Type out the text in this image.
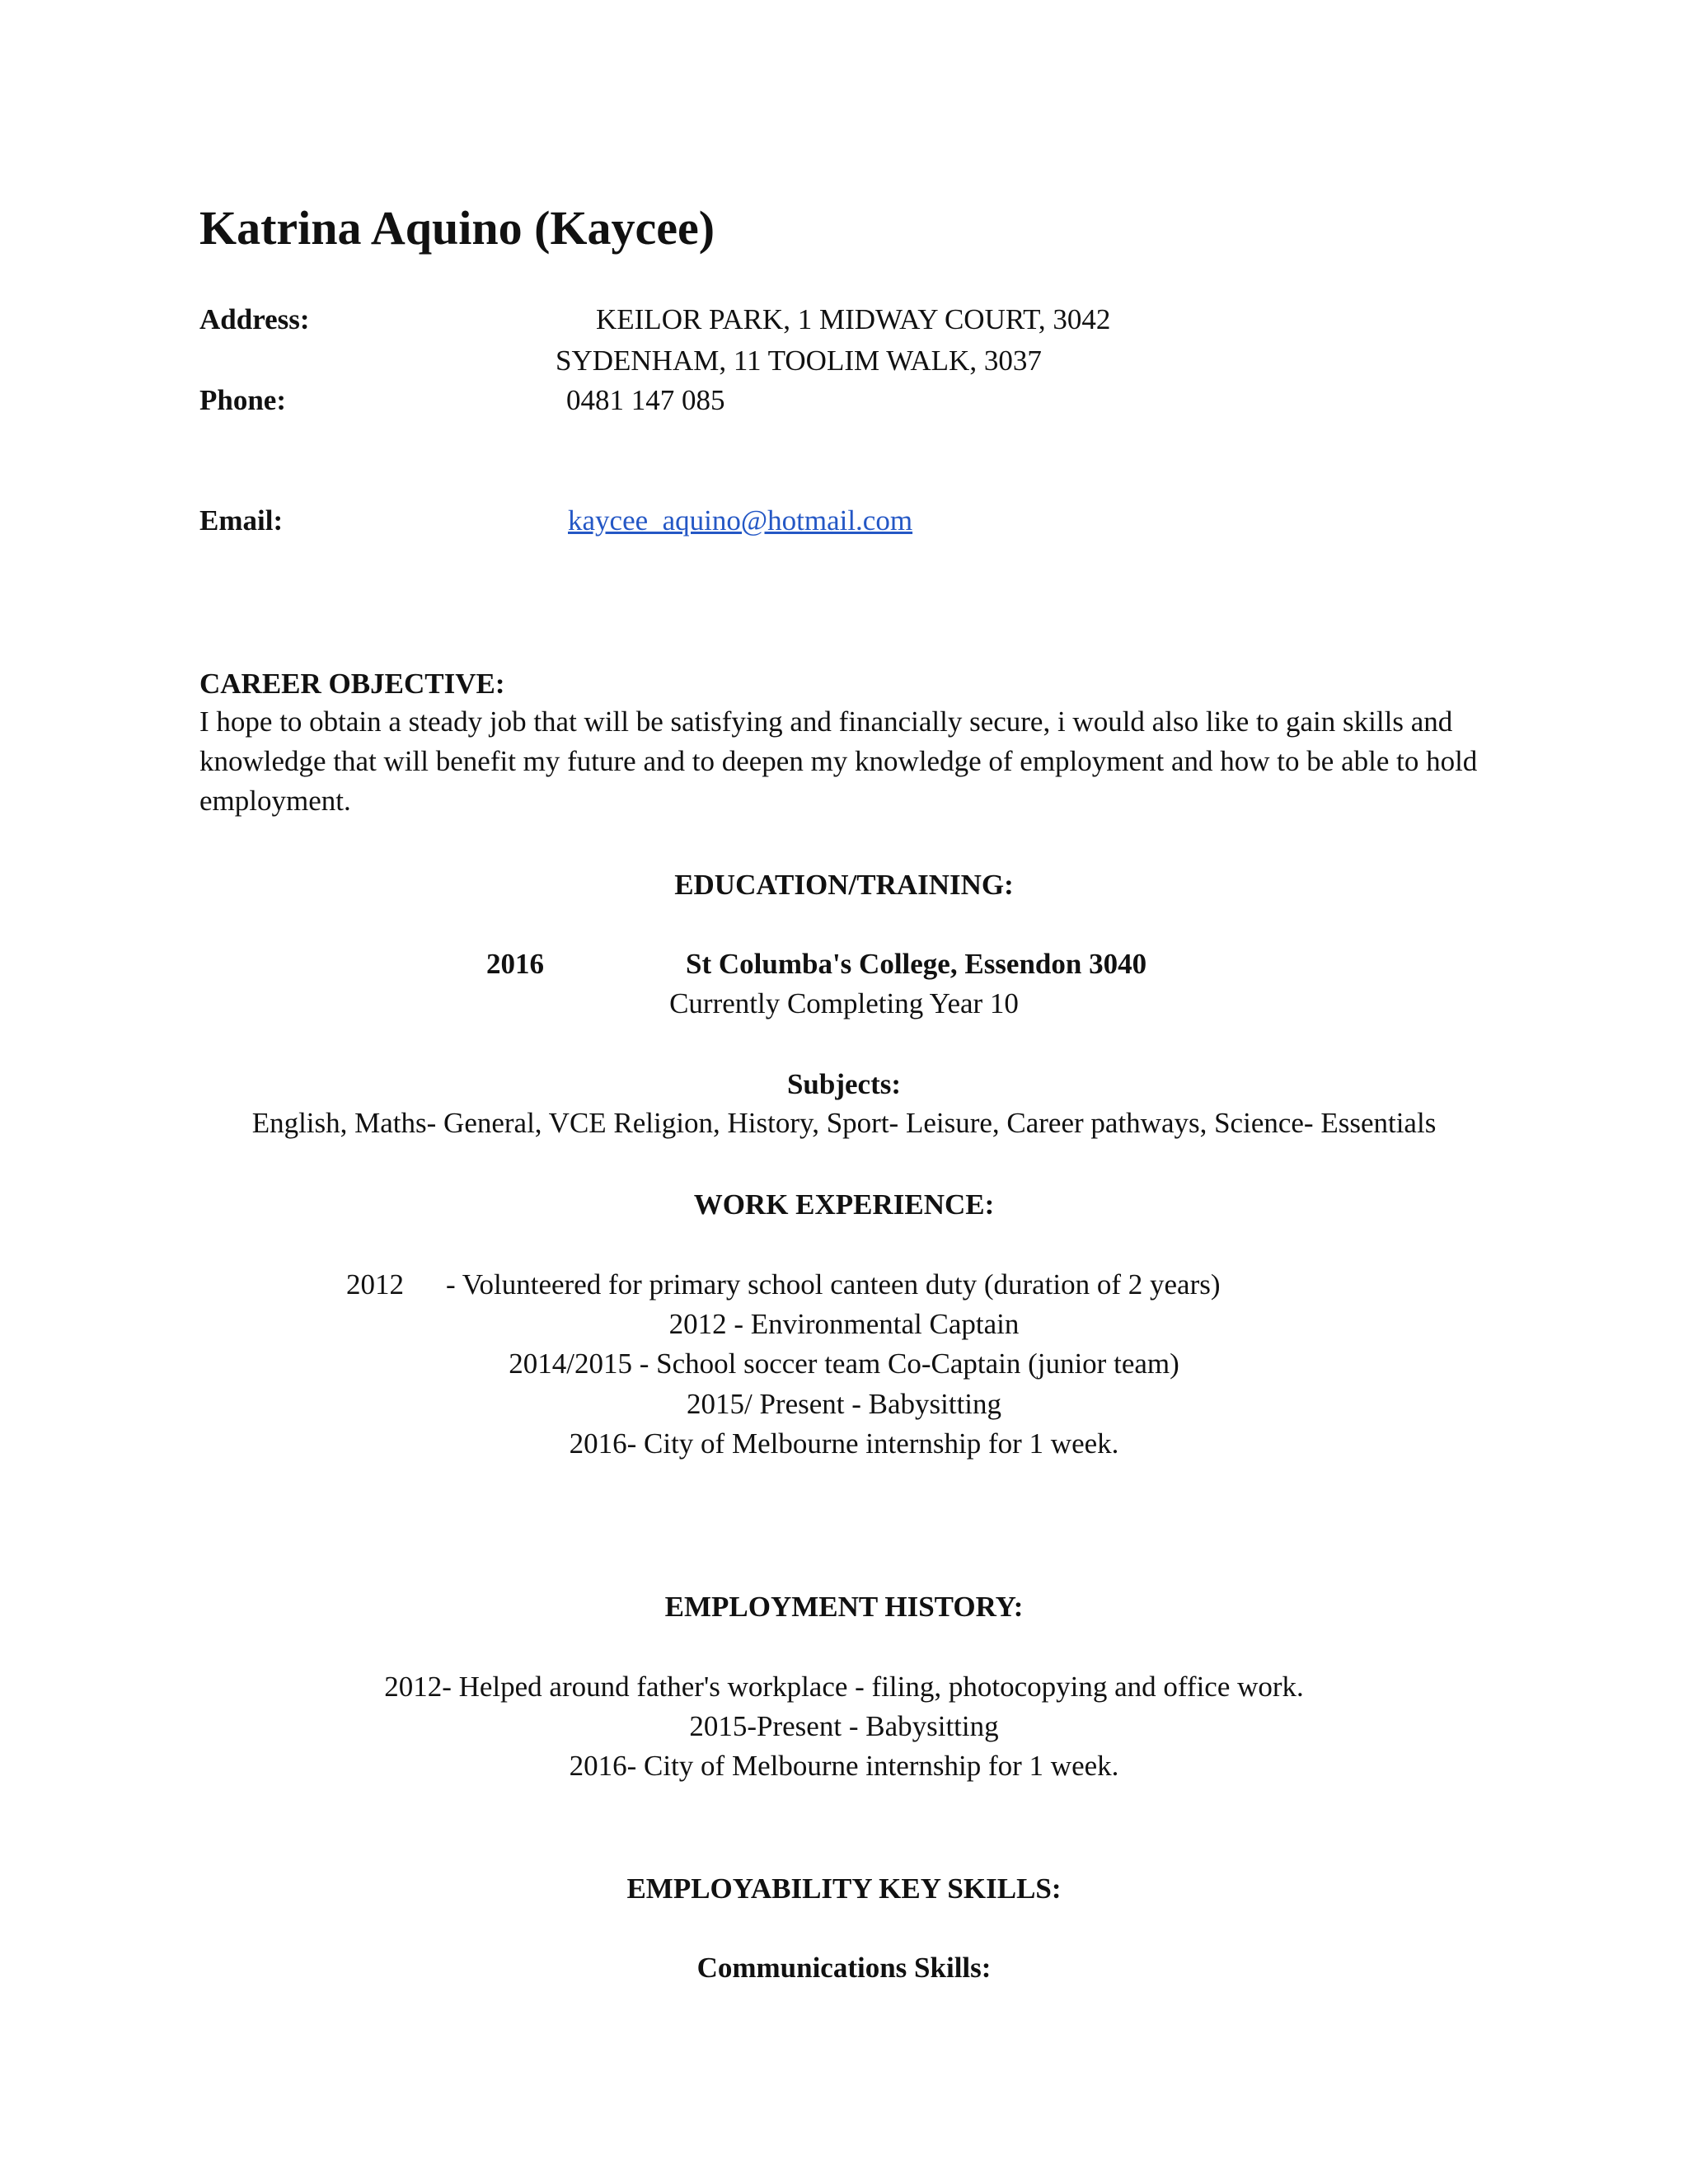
Katrina Aquino (Kaycee)
Address:	KEILOR PARK, 1 MIDWAY COURT, 3042
SYDENHAM, 11 TOOLIM WALK, 3037
Phone:	0481 147 085
Email:	kaycee_aquino@hotmail.com
CAREER OBJECTIVE:
I hope to obtain a steady job that will be satisfying and financially secure, i would also like to gain skills and knowledge that will benefit my future and to deepen my knowledge of employment and how to be able to hold employment.
EDUCATION/TRAINING:
2016	St Columba's College, Essendon 3040
Currently Completing Year 10
Subjects:
English, Maths- General, VCE Religion, History, Sport- Leisure, Career pathways, Science- Essentials
WORK EXPERIENCE:
2012 - Volunteered for primary school canteen duty (duration of 2 years)
2012 - Environmental Captain
2014/2015 - School soccer team Co-Captain (junior team)
2015/ Present - Babysitting
2016- City of Melbourne internship for 1 week.
EMPLOYMENT HISTORY:
2012- Helped around father's workplace - filing, photocopying and office work.
2015-Present - Babysitting
2016- City of Melbourne internship for 1 week.
EMPLOYABILITY KEY SKILLS:
Communications Skills:
